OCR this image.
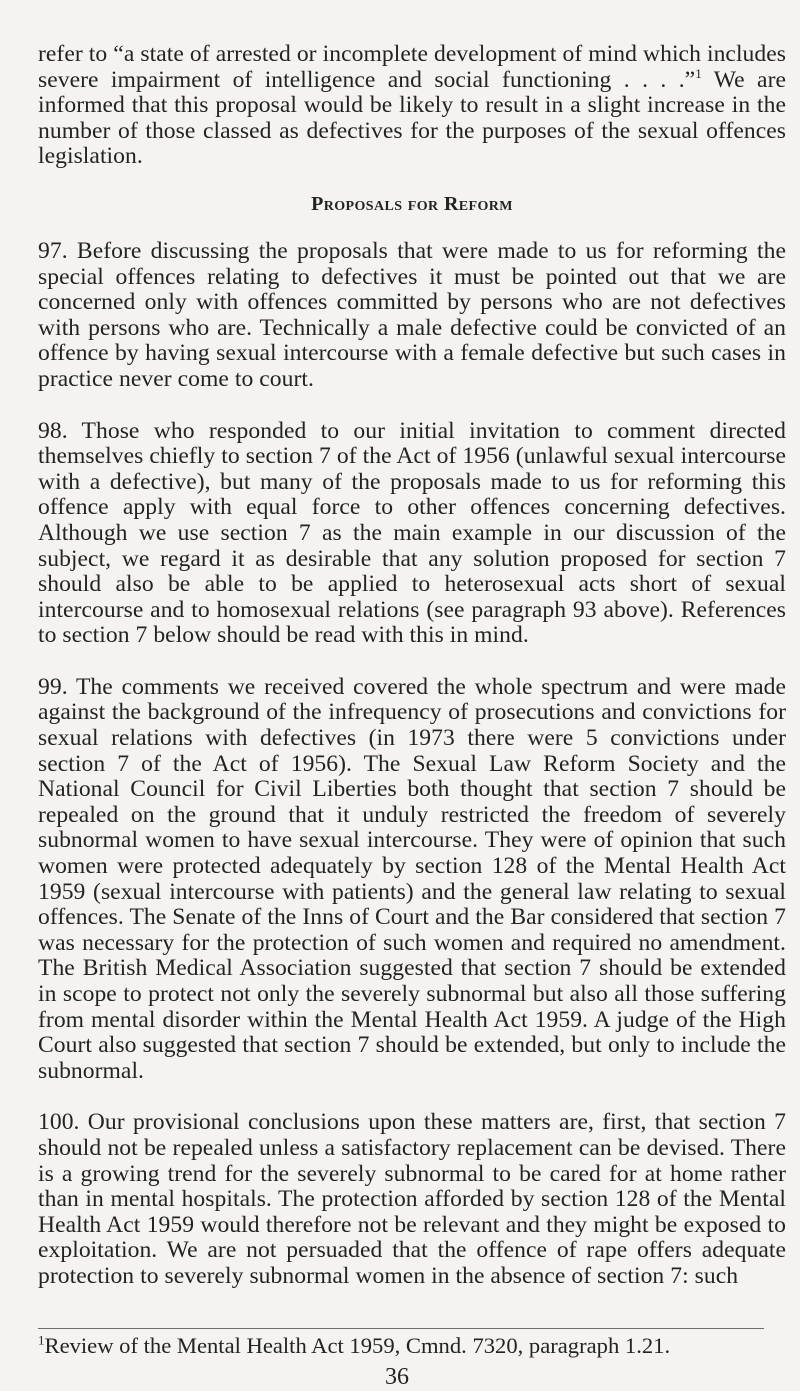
refer to “a state of arrested or incomplete development of mind which includes severe impairment of intelligence and social functioning . . . .”$^1$ We are informed that this proposal would be likely to result in a slight increase in the number of those classed as defectives for the purposes of the sexual offences legislation.

Proposals for Reform

97. Before discussing the proposals that were made to us for reforming the special offences relating to defectives it must be pointed out that we are concerned only with offences committed by persons who are not defectives with persons who are. Technically a male defective could be convicted of an offence by having sexual intercourse with a female defective but such cases in practice never come to court.

98. Those who responded to our initial invitation to comment directed themselves chiefly to section 7 of the Act of 1956 (unlawful sexual intercourse with a defective), but many of the proposals made to us for reforming this offence apply with equal force to other offences concerning defectives. Although we use section 7 as the main example in our discussion of the subject, we regard it as desirable that any solution proposed for section 7 should also be able to be applied to heterosexual acts short of sexual intercourse and to homosexual relations (see paragraph 93 above). References to section 7 below should be read with this in mind.

99. The comments we received covered the whole spectrum and were made against the background of the infrequency of prosecutions and convictions for sexual relations with defectives (in 1973 there were 5 convictions under section 7 of the Act of 1956). The Sexual Law Reform Society and the National Council for Civil Liberties both thought that section 7 should be repealed on the ground that it unduly restricted the freedom of severely subnormal women to have sexual intercourse. They were of opinion that such women were protected adequately by section 128 of the Mental Health Act 1959 (sexual intercourse with patients) and the general law relating to sexual offences. The Senate of the Inns of Court and the Bar considered that section 7 was necessary for the protection of such women and required no amendment. The British Medical Association suggested that section 7 should be extended in scope to protect not only the severely subnormal but also all those suffering from mental disorder within the Mental Health Act 1959. A judge of the High Court also suggested that section 7 should be extended, but only to include the subnormal.

100. Our provisional conclusions upon these matters are, first, that section 7 should not be repealed unless a satisfactory replacement can be devised. There is a growing trend for the severely subnormal to be cared for at home rather than in mental hospitals. The protection afforded by section 128 of the Mental Health Act 1959 would therefore not be relevant and they might be exposed to exploitation. We are not persuaded that the offence of rape offers adequate protection to severely subnormal women in the absence of section 7: such

$^1$Review of the Mental Health Act 1959, Cmnd. 7320, paragraph 1.21.

36
